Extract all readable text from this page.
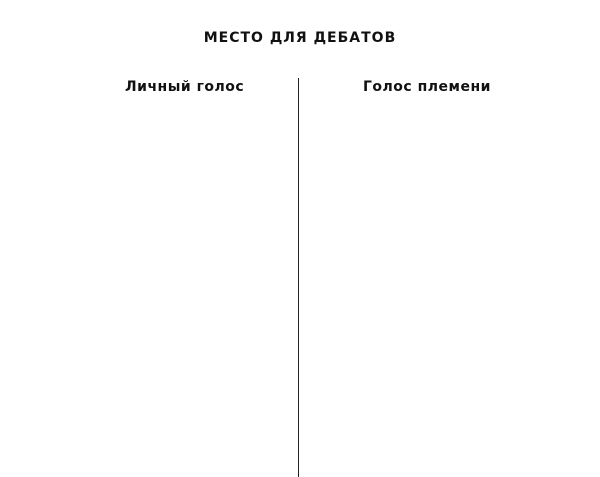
МЕСТО ДЛЯ ДЕБАТОВ
Личный голос	Голос племени
